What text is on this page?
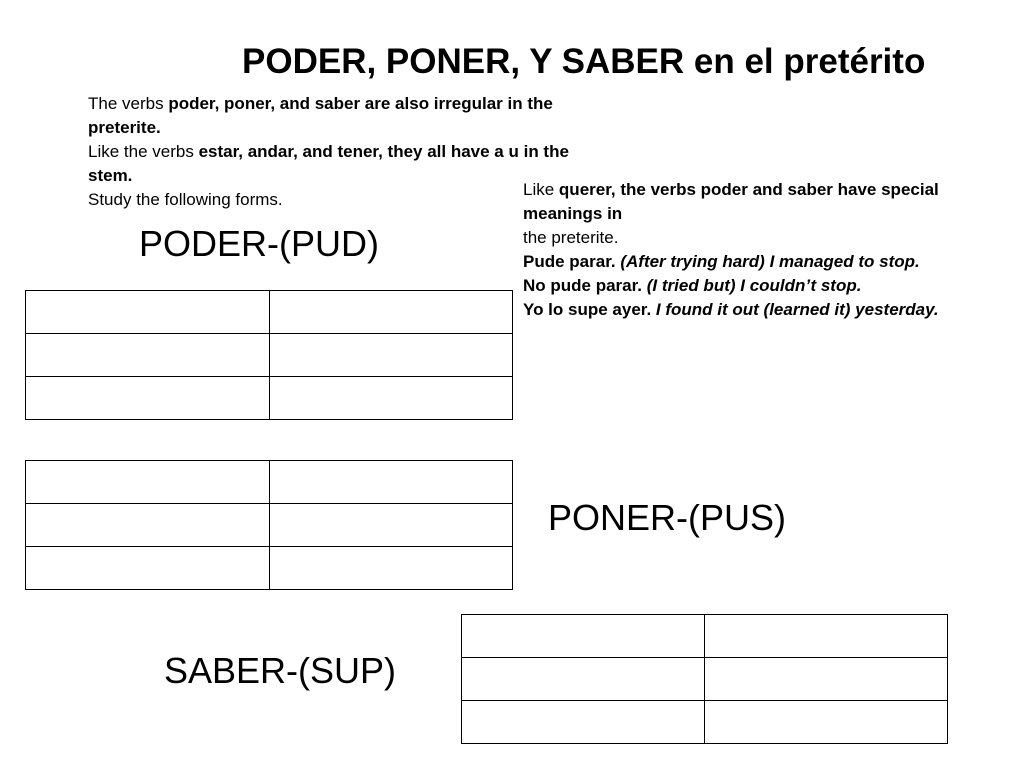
PODER, PONER, Y SABER en el pretérito

The verbs poder, poner, and saber are also irregular in the preterite.

Like the verbs estar, andar, and tener, they all have a u in the stem.

Study the following forms.

Like querer, the verbs poder and saber have special meanings in

the preterite.

Pude parar. (After trying hard) I managed to stop.

No pude parar. (I tried but) I couldn’t stop.

Yo lo supe ayer. I found it out (learned it) yesterday.

PODER-(PUD)

PONER-(PUS)
SABER-(SUP)
